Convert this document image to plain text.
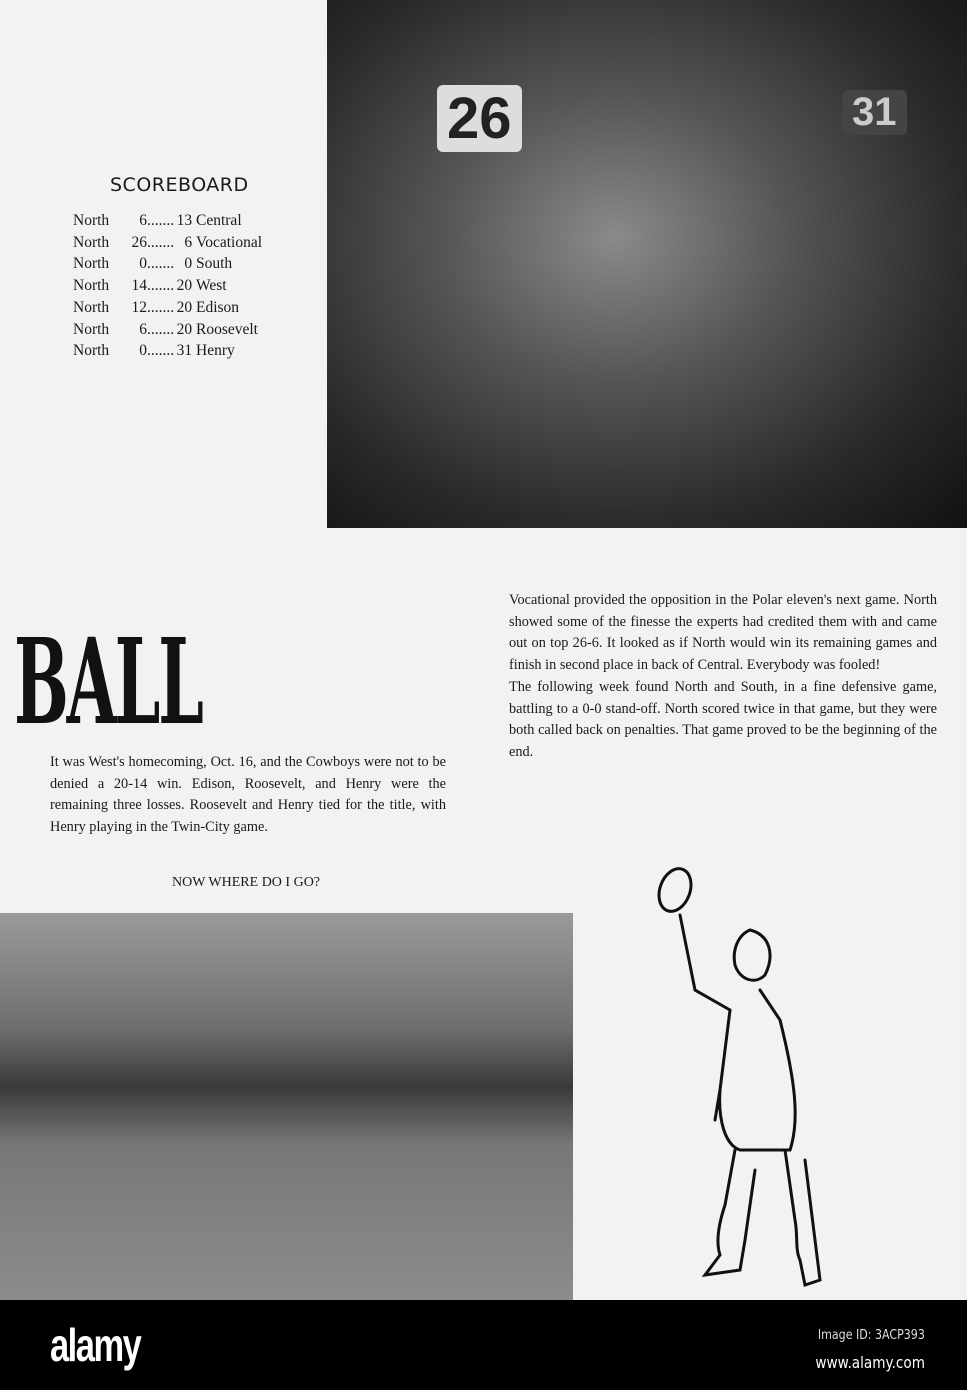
26	31
SCOREBOARD
North 6....... 13 Central
North 26....... 6 Vocational
North 0....... 0 South
North 14....... 20 West
North 12....... 20 Edison
North 6....... 20 Roosevelt
North 0....... 31 Henry
BALL

Vocational provided the opposition in the Polar eleven's next game. North showed some of the finesse the experts had credited them with and came out on top 26-6. It looked as if North would win its remaining games and finish in second place in back of Central. Everybody was fooled!

The following week found North and South, in a fine defensive game, battling to a 0-0 stand-off. North scored twice in that game, but they were both called back on penalties. That game proved to be the beginning of the end.

It was West's homecoming, Oct. 16, and the Cowboys were not to be denied a 20-14 win. Edison, Roosevelt, and Henry were the remaining three losses. Roosevelt and Henry tied for the title, with Henry playing in the Twin-City game.

NOW WHERE DO I GO?
alamy	Image ID: 3ACP393
www.alamy.com
